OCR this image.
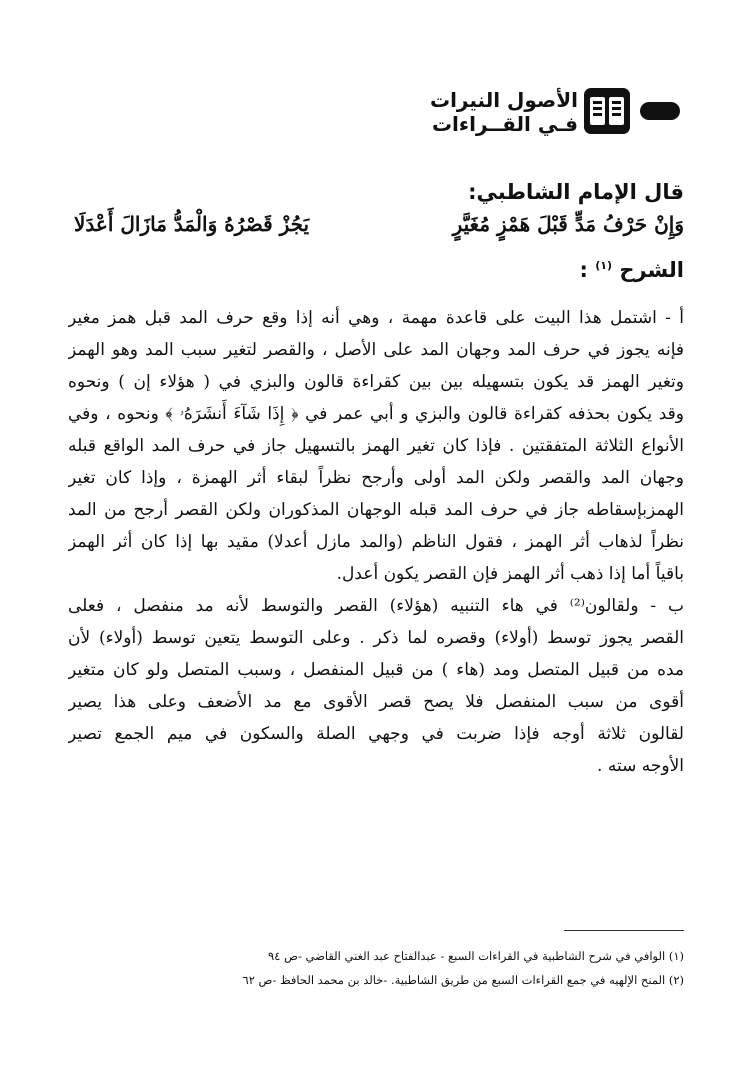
الأصول النيرات
فـي القــراءات
قال الإمام الشاطبي:
وَإِنْ حَرْفُ مَدٍّ قَبْلَ هَمْزٍ مُغَيَّرٍ
يَجُزْ قَصْرُهُ وَالْمَدُّ مَازَالَ أَعْدَلَا
الشرح $^{(١)}$ :
أ - اشتمل هذا البيت على قاعدة مهمة ، وهي أنه إذا وقع حرف المد قبل همز مغير
فإنه يجوز في حرف المد وجهان المد على الأصل ، والقصر لتغير سبب المد وهو الهمز
وتغير الهمز قد يكون بتسهيله بين بين كقراءة قالون والبزي في ( هؤلاء إن ) ونحوه
وقد يكون بحذفه كقراءة قالون والبزي و أبي عمر في ﴿ إِذَا شَآءَ أَنشَرَهُۥ ﴾ ونحوه ، وفي
الأنواع الثلاثة المتفقتين . فإذا كان تغير الهمز بالتسهيل جاز في حرف المد الواقع قبله
وجهان المد والقصر ولكن المد أولى وأرجح نظراً لبقاء أثر الهمزة ، وإذا كان تغير
الهمزبإسقاطه جاز في حرف المد قبله الوجهان المذكوران ولكن القصر أرجح من المد
نظراً لذهاب أثر الهمز ، فقول الناظم (والمد مازل أعدلا) مقيد بها إذا كان أثر الهمز
باقياً أما إذا ذهب أثر الهمز فإن القصر يكون أعدل.
ب - ولقالون⁽²⁾ في هاء التنبيه (هؤلاء) القصر والتوسط لأنه مد منفصل ، فعلى
القصر يجوز توسط (أولاء) وقصره لما ذكر . وعلى التوسط يتعين توسط (أولاء) لأن
مده من قبيل المتصل ومد (هاء ) من قبيل المنفصل ، وسبب المتصل ولو كان متغير
أقوى من سبب المنفصل فلا يصح قصر الأقوى مع مد الأضعف وعلى هذا يصير
لقالون ثلاثة أوجه فإذا ضربت في وجهي الصلة والسكون في ميم الجمع تصير
الأوجه سته .
(١) الوافي في شرح الشاطبية في القراءات السبع - عبدالفتاح عبد الغني القاضي -ص ٩٤
(٢) المنح الإلهيه في جمع القراءات السبع من طريق الشاطبية. -خالد بن محمد الحافظ -ص ٦٢
